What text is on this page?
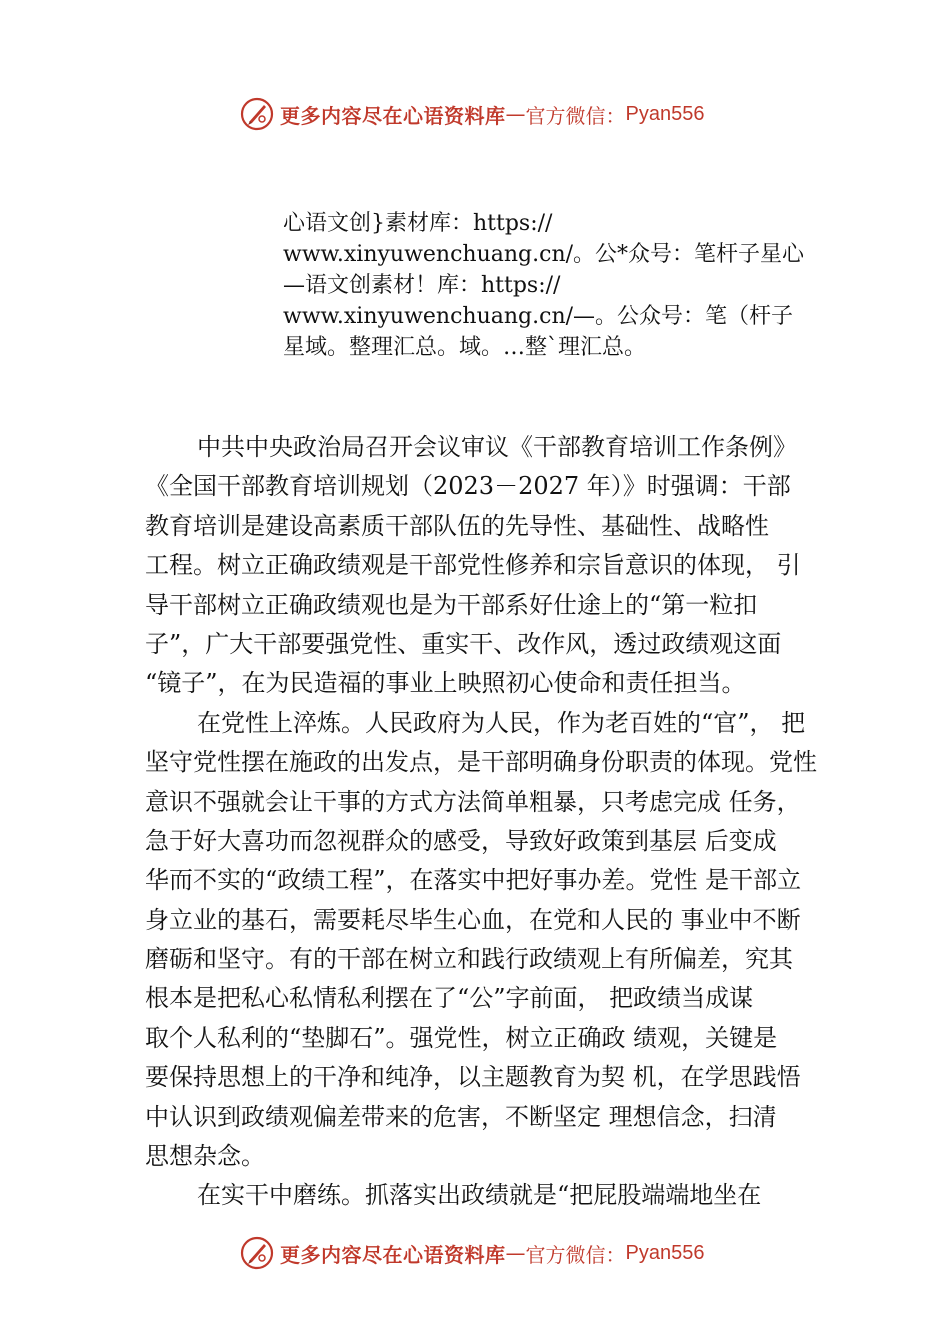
更多内容尽在心语资料库 — 官方微信： Pyan556
心语文创}素材库：https://
www.xinyuwenchuang.cn/。公*众号：笔杆子星心
—语文创素材！库：https://
www.xinyuwenchuang.cn/—。公众号：笔（杆子
星域。整理汇总。域。…整`理汇总。
中共中央政治局召开会议审议《干部教育培训工作条例》
《全国干部教育培训规划（2023－2027 年）》时强调：干部
教育培训是建设高素质干部队伍的先导性、基础性、战略性
工程。树立正确政绩观是干部党性修养和宗旨意识的体现， 引
导干部树立正确政绩观也是为干部系好仕途上的“第一粒扣
子”，广大干部要强党性、重实干、改作风，透过政绩观这面
“镜子”，在为民造福的事业上映照初心使命和责任担当。
在党性上淬炼。人民政府为人民，作为老百姓的“官”， 把
坚守党性摆在施政的出发点，是干部明确身份职责的体现。党性
意识不强就会让干事的方式方法简单粗暴，只考虑完成 任务，
急于好大喜功而忽视群众的感受，导致好政策到基层 后变成
华而不实的“政绩工程”，在落实中把好事办差。党性 是干部立
身立业的基石，需要耗尽毕生心血，在党和人民的 事业中不断
磨砺和坚守。有的干部在树立和践行政绩观上有所偏差，究其
根本是把私心私情私利摆在了“公”字前面， 把政绩当成谋
取个人私利的“垫脚石”。强党性，树立正确政 绩观，关键是
要保持思想上的干净和纯净，以主题教育为契 机，在学思践悟
中认识到政绩观偏差带来的危害，不断坚定 理想信念，扫清
思想杂念。
在实干中磨练。抓落实出政绩就是“把屁股端端地坐在
更多内容尽在心语资料库 — 官方微信： Pyan556
